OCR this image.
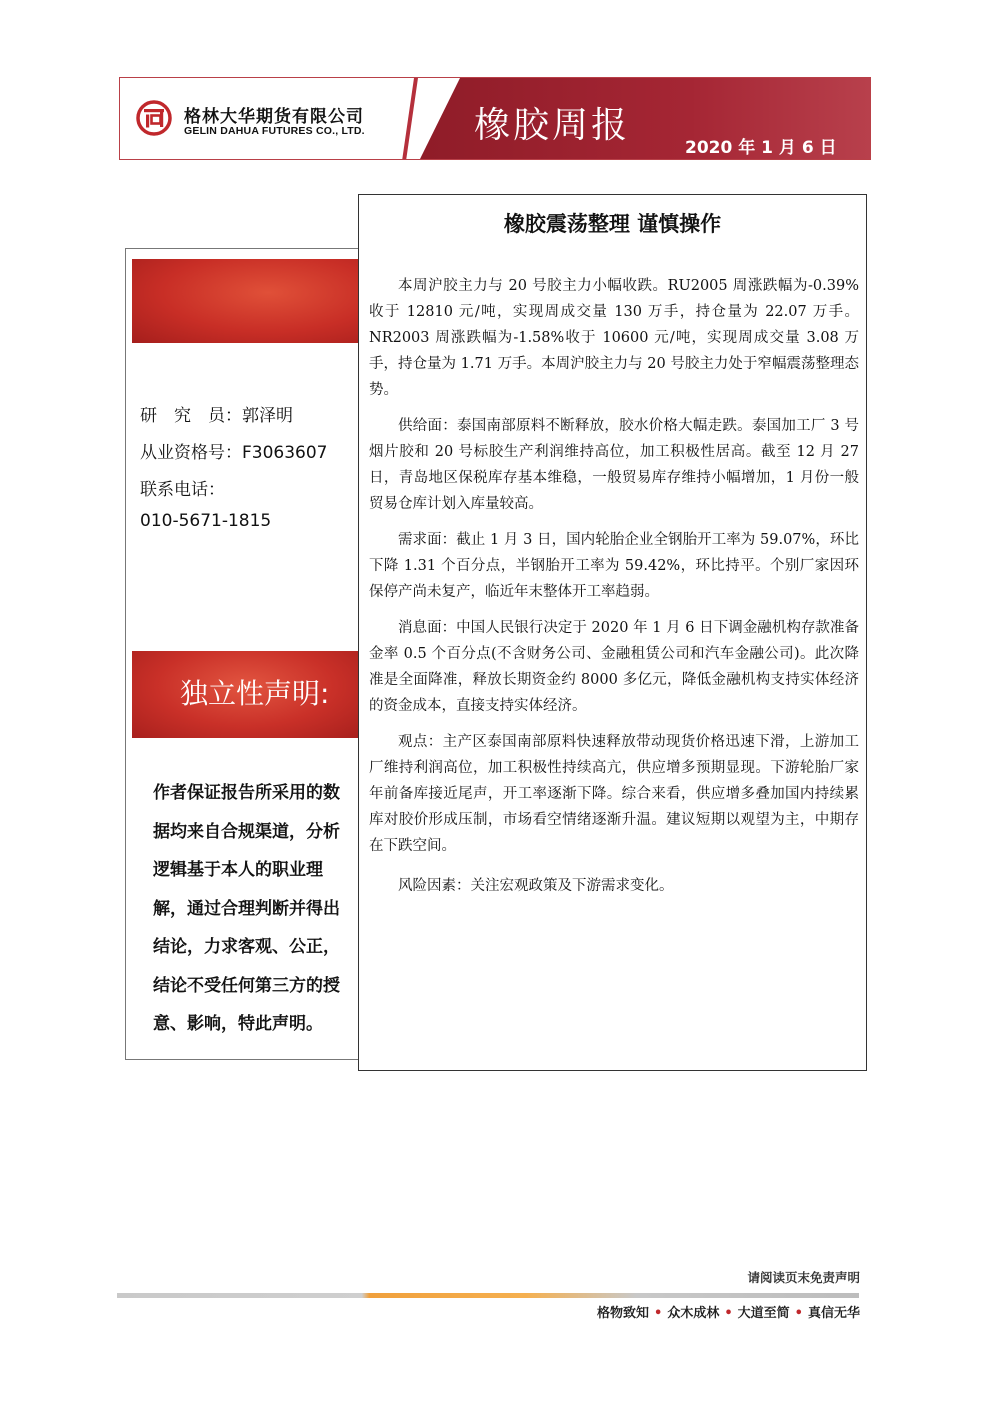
格林大华期货有限公司
GELIN DAHUA FUTURES CO., LTD.	橡胶周报
2020 年 1 月 6 日
研　究　员：郭泽明
从业资格号：F3063607
联系电话：
010-5671-1815
独立性声明:
作者保证报告所采用的数据均来自合规渠道，分析逻辑基于本人的职业理解，通过合理判断并得出结论，力求客观、公正，结论不受任何第三方的授意、影响，特此声明。
橡胶震荡整理 谨慎操作

本周沪胶主力与 20 号胶主力小幅收跌。RU2005 周涨跌幅为-0.39%收于 12810 元/吨，实现周成交量 130 万手，持仓量为 22.07 万手。NR2003 周涨跌幅为-1.58%收于 10600 元/吨，实现周成交量 3.08 万手，持仓量为 1.71 万手。本周沪胶主力与 20 号胶主力处于窄幅震荡整理态势。

供给面：泰国南部原料不断释放，胶水价格大幅走跌。泰国加工厂 3 号烟片胶和 20 号标胶生产利润维持高位，加工积极性居高。截至 12 月 27 日，青岛地区保税库存基本维稳，一般贸易库存维持小幅增加，1 月份一般贸易仓库计划入库量较高。

需求面：截止 1 月 3 日，国内轮胎企业全钢胎开工率为 59.07%，环比下降 1.31 个百分点，半钢胎开工率为 59.42%，环比持平。个别厂家因环保停产尚未复产，临近年末整体开工率趋弱。

消息面：中国人民银行决定于 2020 年 1 月 6 日下调金融机构存款准备金率 0.5 个百分点(不含财务公司、金融租赁公司和汽车金融公司)。此次降准是全面降准，释放长期资金约 8000 多亿元，降低金融机构支持实体经济的资金成本，直接支持实体经济。

观点：主产区泰国南部原料快速释放带动现货价格迅速下滑，上游加工厂维持利润高位，加工积极性持续高亢，供应增多预期显现。下游轮胎厂家年前备库接近尾声，开工率逐渐下降。综合来看，供应增多叠加国内持续累库对胶价形成压制，市场看空情绪逐渐升温。建议短期以观望为主，中期存在下跌空间。

风险因素：关注宏观政策及下游需求变化。

请阅读页末免责声明
格物致知 • 众木成林 • 大道至简 • 真信无华
